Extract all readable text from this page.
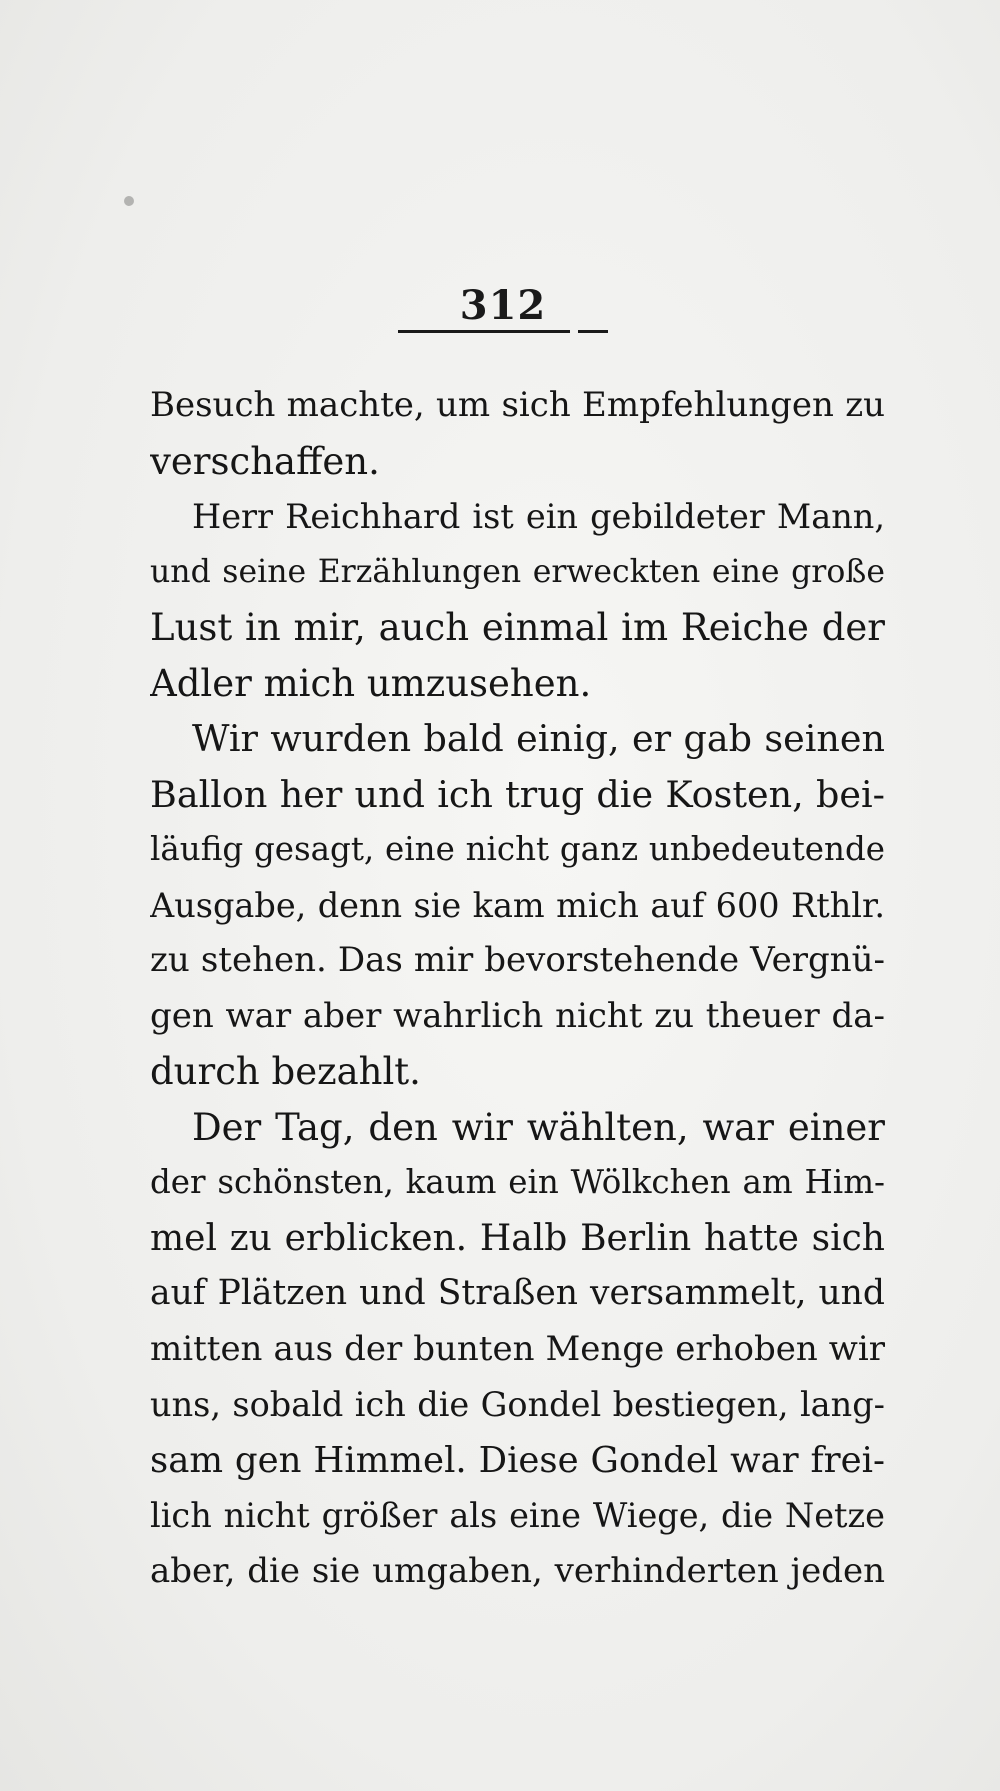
312
Besuch machte, um sich Empfehlungen zu
verschaffen.
Herr Reichhard ist ein gebildeter Mann,
und seine Erzählungen erweckten eine große
Lust in mir, auch einmal im Reiche der
Adler mich umzusehen.
Wir wurden bald einig, er gab seinen
Ballon her und ich trug die Kosten, bei-
läufig gesagt, eine nicht ganz unbedeutende
Ausgabe, denn sie kam mich auf 600 Rthlr.
zu stehen. Das mir bevorstehende Vergnü-
gen war aber wahrlich nicht zu theuer da-
durch bezahlt.
Der Tag, den wir wählten, war einer
der schönsten, kaum ein Wölkchen am Him-
mel zu erblicken. Halb Berlin hatte sich
auf Plätzen und Straßen versammelt, und
mitten aus der bunten Menge erhoben wir
uns, sobald ich die Gondel bestiegen, lang-
sam gen Himmel. Diese Gondel war frei-
lich nicht größer als eine Wiege, die Netze
aber, die sie umgaben, verhinderten jeden
